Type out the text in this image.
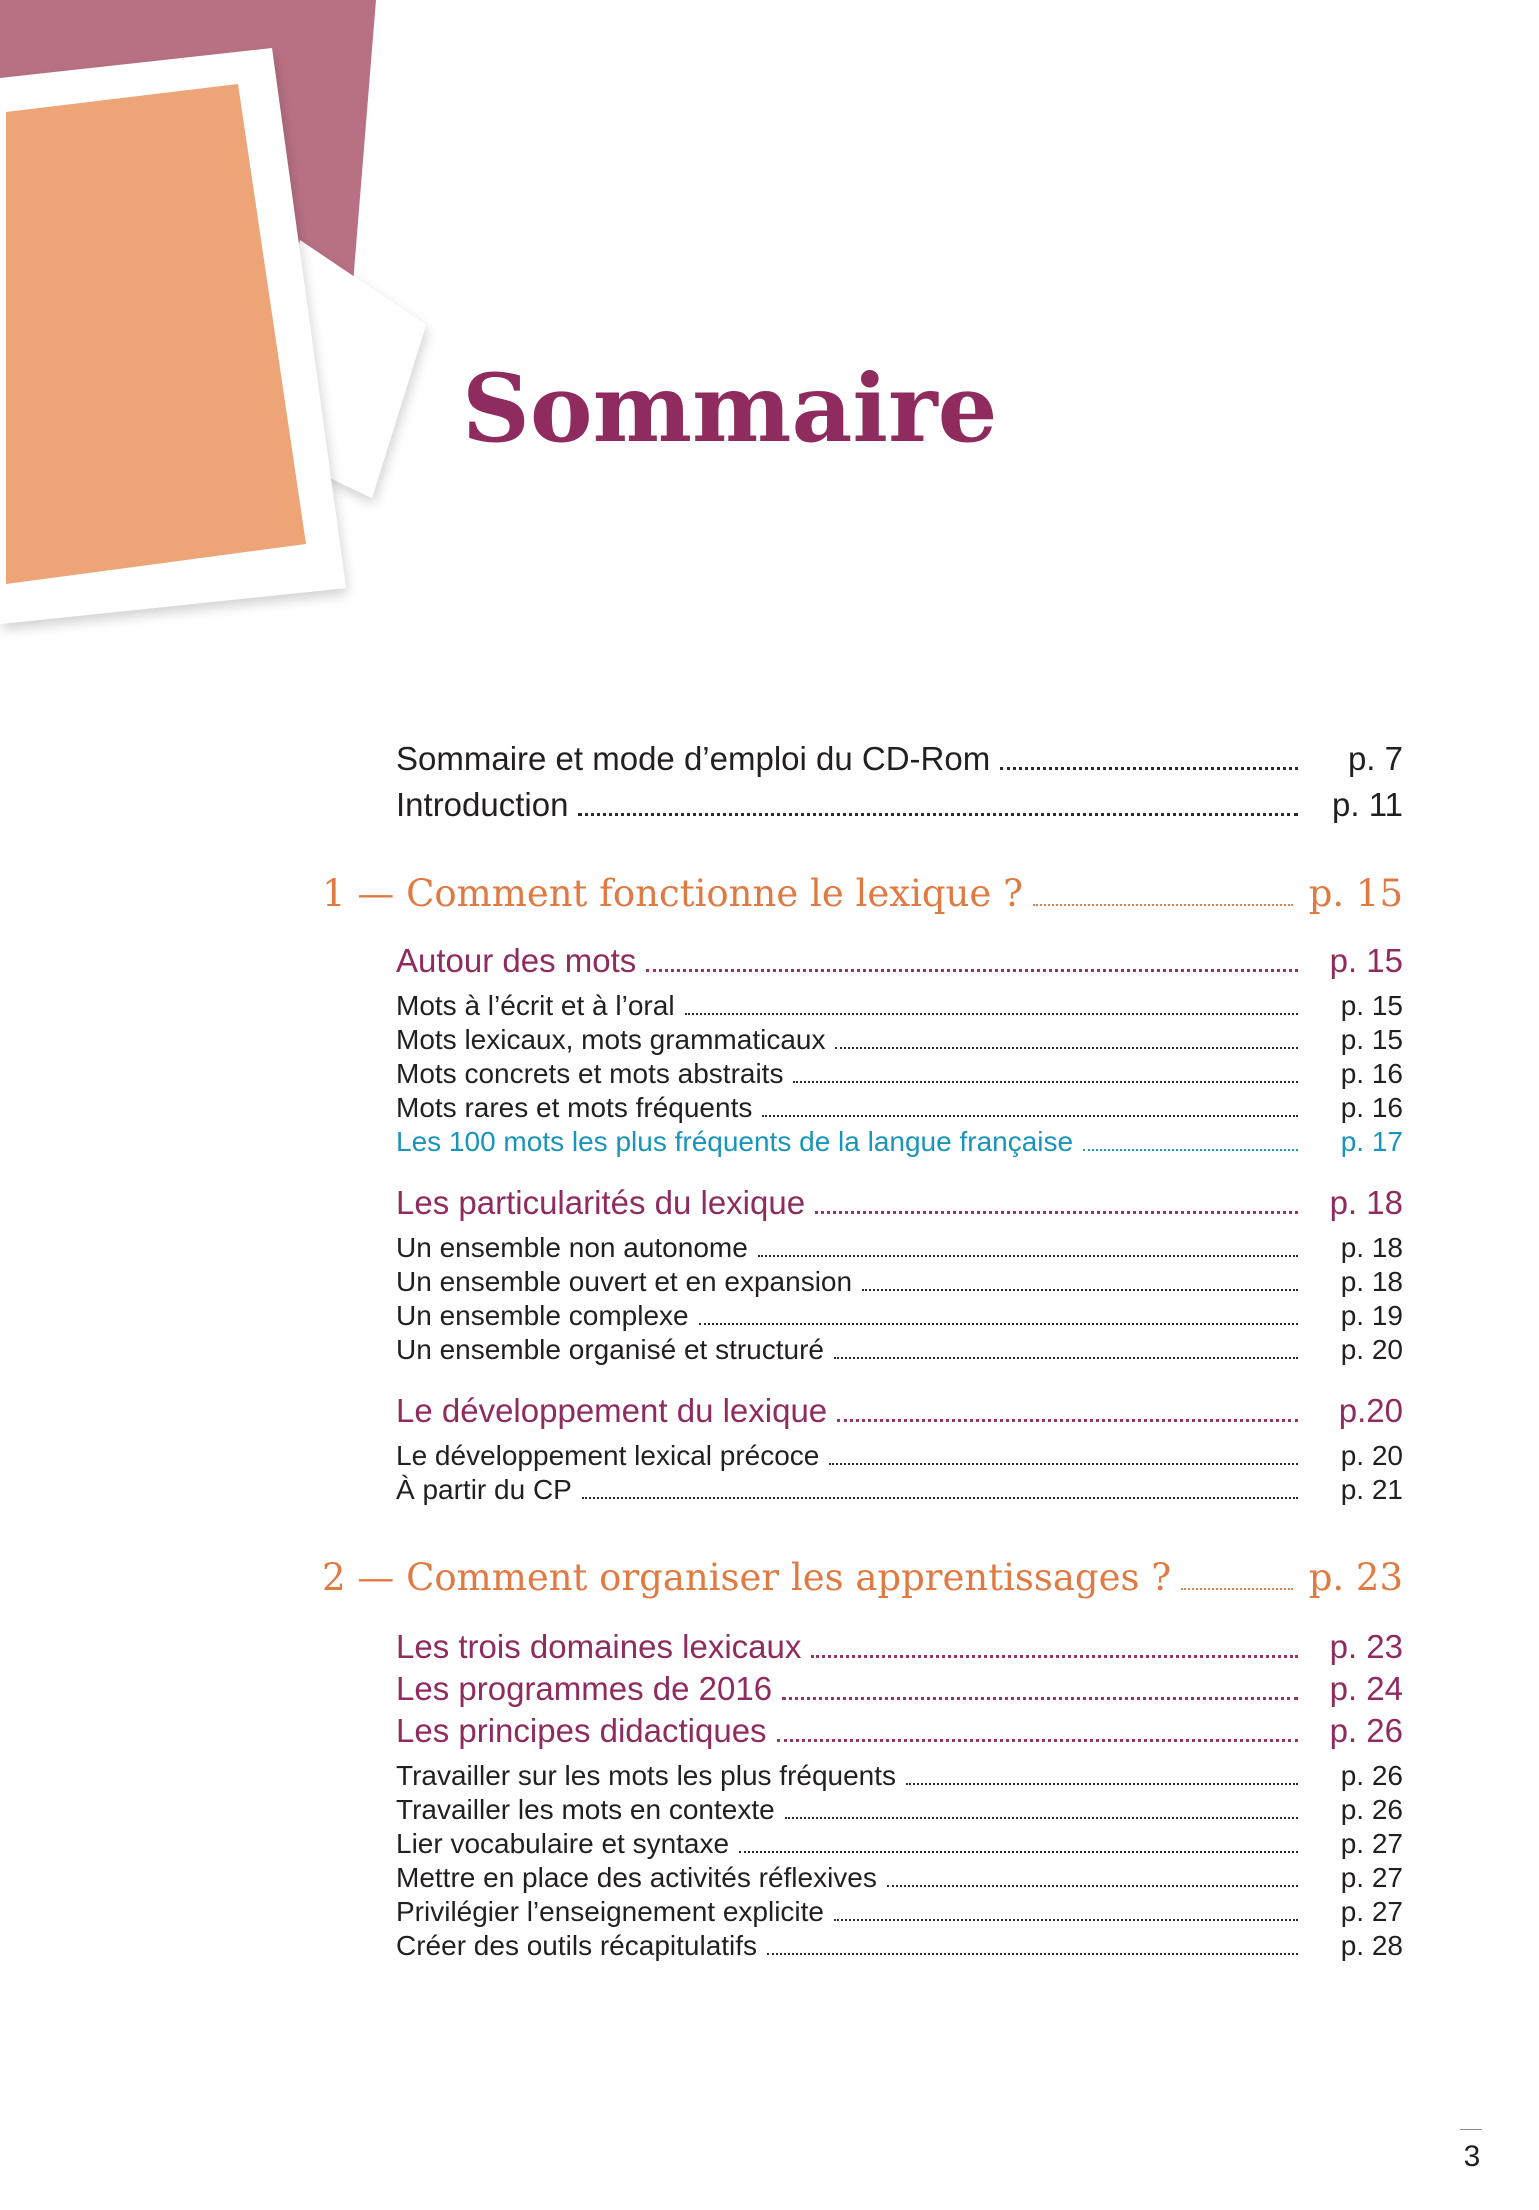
Sommaire
Sommaire et mode d’emploi du CD-Rom	p. 7
Introduction	p. 11
1 — Comment fonctionne le lexique ?	p. 15
Autour des mots	p. 15
Mots à l’écrit et à l’oral	p. 15
Mots lexicaux, mots grammaticaux	p. 15
Mots concrets et mots abstraits	p. 16
Mots rares et mots fréquents	p. 16
Les 100 mots les plus fréquents de la langue française	p. 17
Les particularités du lexique	p. 18
Un ensemble non autonome	p. 18
Un ensemble ouvert et en expansion	p. 18
Un ensemble complexe	p. 19
Un ensemble organisé et structuré	p. 20
Le développement du lexique	p.20
Le développement lexical précoce	p. 20
À partir du CP	p. 21
2 — Comment organiser les apprentissages ?	p. 23
Les trois domaines lexicaux	p. 23
Les programmes de 2016	p. 24
Les principes didactiques	p. 26
Travailler sur les mots les plus fréquents	p. 26
Travailler les mots en contexte	p. 26
Lier vocabulaire et syntaxe	p. 27
Mettre en place des activités réflexives	p. 27
Privilégier l’enseignement explicite	p. 27
Créer des outils récapitulatifs	p. 28
3
